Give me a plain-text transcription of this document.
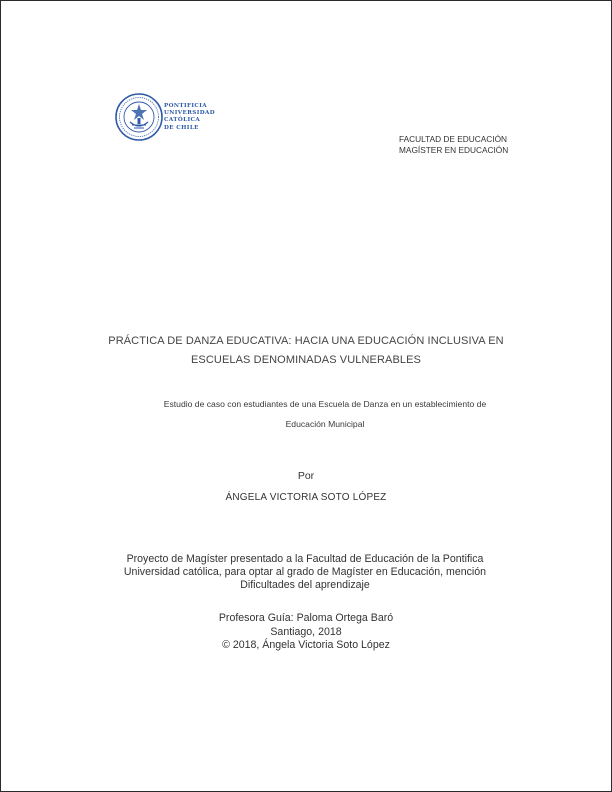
PONTIFICIA
UNIVERSIDAD
CATÓLICA
DE CHILE
FACULTAD DE EDUCACIÓN
MAGÍSTER EN EDUCACIÓN
PRÁCTICA DE DANZA EDUCATIVA: HACIA UNA EDUCACIÓN INCLUSIVA EN
ESCUELAS DENOMINADAS VULNERABLES
Estudio de caso con estudiantes de una Escuela de Danza en un establecimiento de
Educación Municipal
Por
ÁNGELA VICTORIA SOTO LÓPEZ
Proyecto de Magíster presentado a la Facultad de Educación de la Pontifica
Universidad católica, para optar al grado de Magíster en Educación, mención
Dificultades del aprendizaje
Profesora Guía: Paloma Ortega Baró
Santiago, 2018
© 2018, Ángela Victoria Soto López
